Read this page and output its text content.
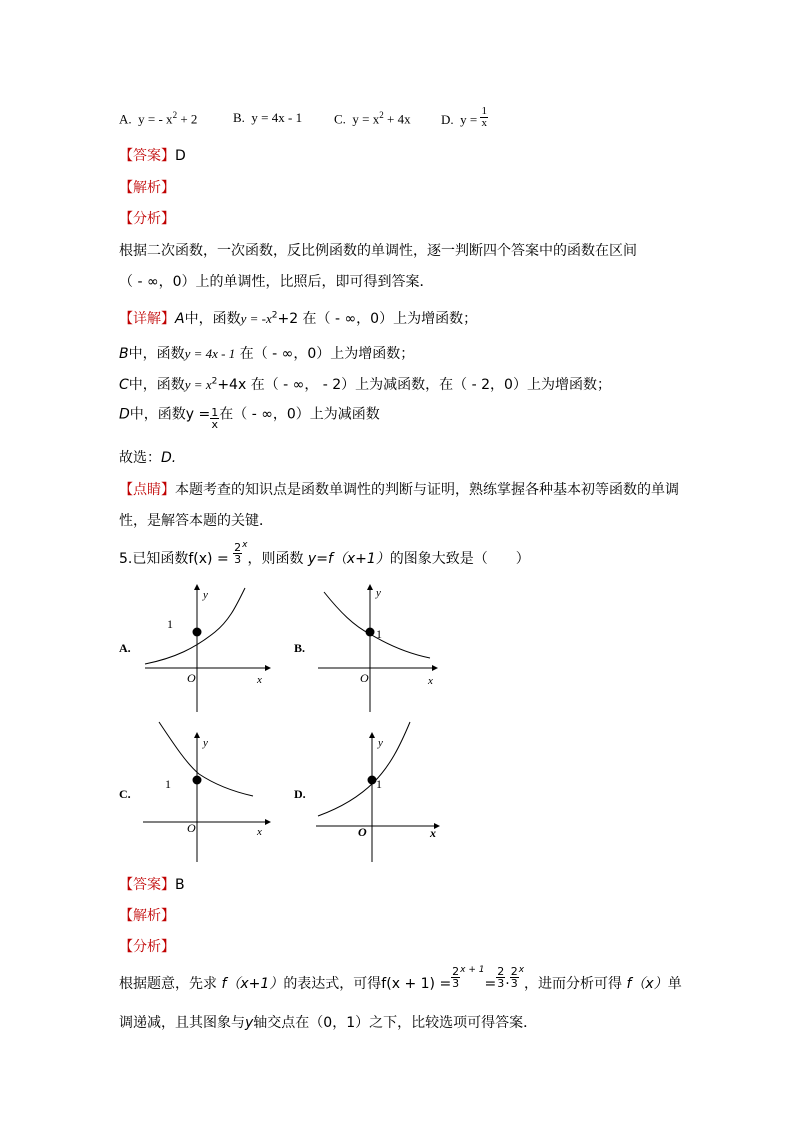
A. y = - $x^2 + 2$	B. y = 4x - 1 C. $y = x^2 + 4x$ D. $y = \frac{1}{x}$
【答案】D
【解析】
【分析】
根据二次函数，一次函数，反比例函数的单调性，逐一判断四个答案中的函数在区间
（ - ∞，0）上的单调性，比照后，即可得到答案．
【详解】A中，函数$y = -x^2+2$ 在（ - ∞，0）上为增函数；
B中，函数y = 4x - 1 在（ - ∞，0）上为增函数；
C中，函数$y = x^2+4x$ 在（ - ∞， - 2）上为减函数，在（ - 2，0）上为增函数；
D中，函数$y = \frac{1}{x}$ 在（ - ∞，0）上为减函数
故选：D.
【点睛】本题考查的知识点是函数单调性的判断与证明，熟练掌握各种基本初等函数的单调
性，是解答本题的关键．
5.已知函数$f(x) = \frac{2}{3} ^x$，则函数 y=f（x+1）的图象大致是（　　）
A.
1
O	x
y
B.
1
O	x
y
C.
1
O	x
y
D.
1
O	x
y
【答案】B
【解析】
【分析】
根据题意，先求 f（x+1）的表达式，可得$f(x + 1) = \frac{2}{3} ^{x + 1}= \frac{2}{3} \cdot \frac{2}{3} ^x$，进而分析可得 f（x）单
调递减，且其图象与y轴交点在（0，1）之下，比较选项可得答案．
